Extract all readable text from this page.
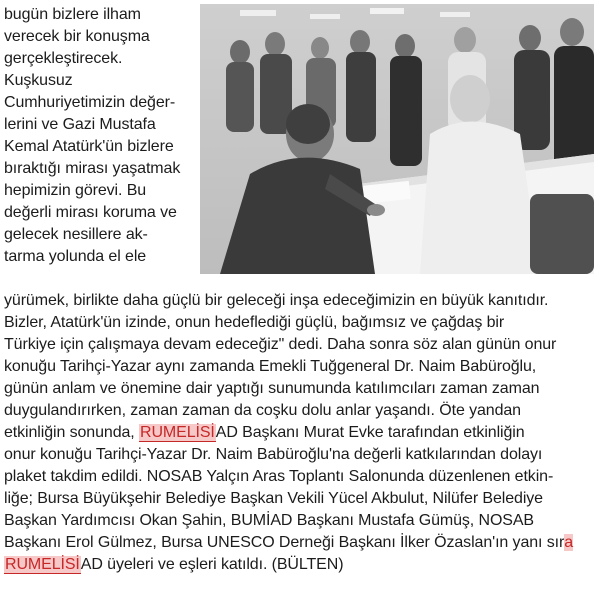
bugün bizlere ilham
verecek bir konuşma
gerçekleştirecek.
Kuşkusuz
Cumhuriyetimizin değer-
lerini ve Gazi Mustafa
Kemal Atatürk'ün bizlere
bıraktığı mirası yaşatmak
hepimizin görevi. Bu
değerli mirası koruma ve
gelecek nesillere ak-
tarma yolunda el ele
yürümek, birlikte daha güçlü bir geleceği inşa edeceğimizin en büyük kanıtıdır.
Bizler, Atatürk'ün izinde, onun hedeflediği güçlü, bağımsız ve çağdaş bir
Türkiye için çalışmaya devam edeceğiz" dedi. Daha sonra söz alan günün onur
konuğu Tarihçi-Yazar aynı zamanda Emekli Tuğgeneral Dr. Naim Babüroğlu,
günün anlam ve önemine dair yaptığı sunumunda katılımcıları zaman zaman
duygulandırırken, zaman zaman da coşku dolu anlar yaşandı. Öte yandan
etkinliğin sonunda, RUMELİSİAD Başkanı Murat Evke tarafından etkinliğin
onur konuğu Tarihçi-Yazar Dr. Naim Babüroğlu'na değerli katkılarından dolayı
plaket takdim edildi. NOSAB Yalçın Aras Toplantı Salonunda düzenlenen etkin-
liğe; Bursa Büyükşehir Belediye Başkan Vekili Yücel Akbulut, Nilüfer Belediye
Başkan Yardımcısı Okan Şahin, BUMİAD Başkanı Mustafa Gümüş, NOSAB
Başkanı Erol Gülmez, Bursa UNESCO Derneği Başkanı İlker Özaslan'ın yanı sıra
RUMELİSİAD üyeleri ve eşleri katıldı. (BÜLTEN)
